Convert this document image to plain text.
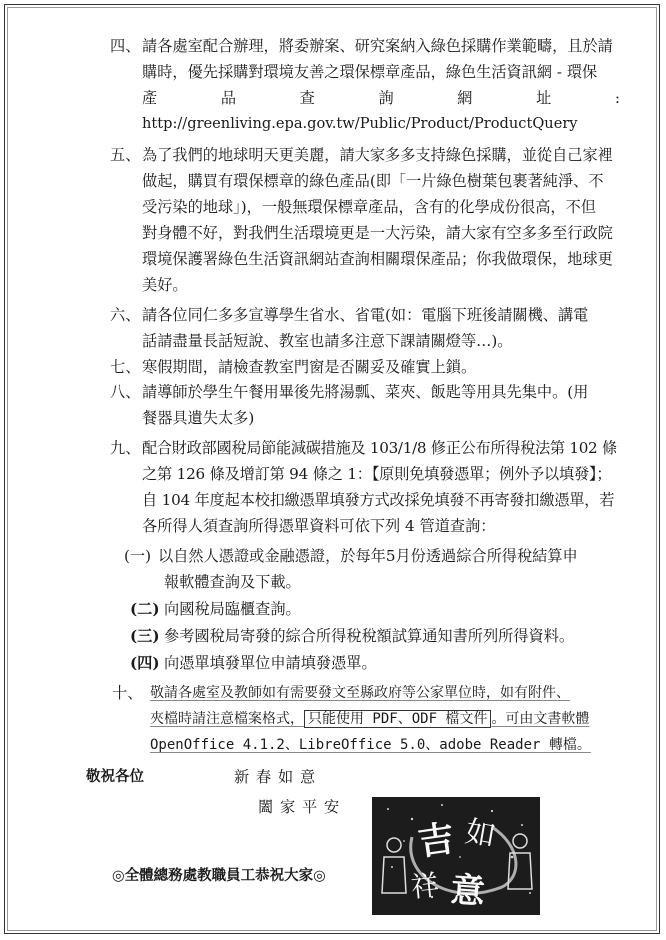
四、 請各處室配合辦理，將委辦案、研究案納入綠色採購作業範疇，且於請
購時，優先採購對環境友善之環保標章產品，綠色生活資訊網 - 環保
產	品	查	詢	網	址	:
http://greenliving.epa.gov.tw/Public/Product/ProductQuery
五、 為了我們的地球明天更美麗，請大家多多支持綠色採購，並從自己家裡
做起，購買有環保標章的綠色產品(即「一片綠色樹葉包裹著純淨、不
受污染的地球」)，一般無環保標章產品，含有的化學成份很高，不但
對身體不好，對我們生活環境更是一大污染，請大家有空多多至行政院
環境保護署綠色生活資訊網站查詢相關環保產品；你我做環保，地球更
美好。
六、 請各位同仁多多宣導學生省水、省電(如：電腦下班後請關機、講電
話請盡量長話短說、教室也請多注意下課請關燈等…)。
七、 寒假期間，請檢查教室門窗是否關妥及確實上鎖。
八、 請導師於學生午餐用畢後先將湯瓢、菜夾、飯匙等用具先集中。(用
餐器具遺失太多)
九、 配合財政部國稅局節能減碳措施及 103/1/8 修正公布所得稅法第 102 條
之第 126 條及增訂第 94 條之 1：【原則免填發憑單；例外予以填發】；
自 104 年度起本校扣繳憑單填發方式改採免填發不再寄發扣繳憑單，若
各所得人須查詢所得憑單資料可依下列 4 管道查詢：
(一) 以自然人憑證或金融憑證，於每年5月份透過綜合所得稅結算申
報軟體查詢及下載。
(二) 向國稅局臨櫃查詢。
(三) 參考國稅局寄發的綜合所得稅稅額試算通知書所列所得資料。
(四) 向憑單填發單位申請填發憑單。
十、 敬請各處室及教師如有需要發文至縣政府等公家單位時，如有附件、
夾檔時請注意檔案格式， 只能使用 PDF、ODF 檔文件 。可由文書軟體
OpenOffice 4.1.2、LibreOffice 5.0、adobe Reader 轉檔。
敬祝各位	新 春 如 意
闔 家 平 安
吉 如
祥 意
◎全體總務處教職員工恭祝大家◎
